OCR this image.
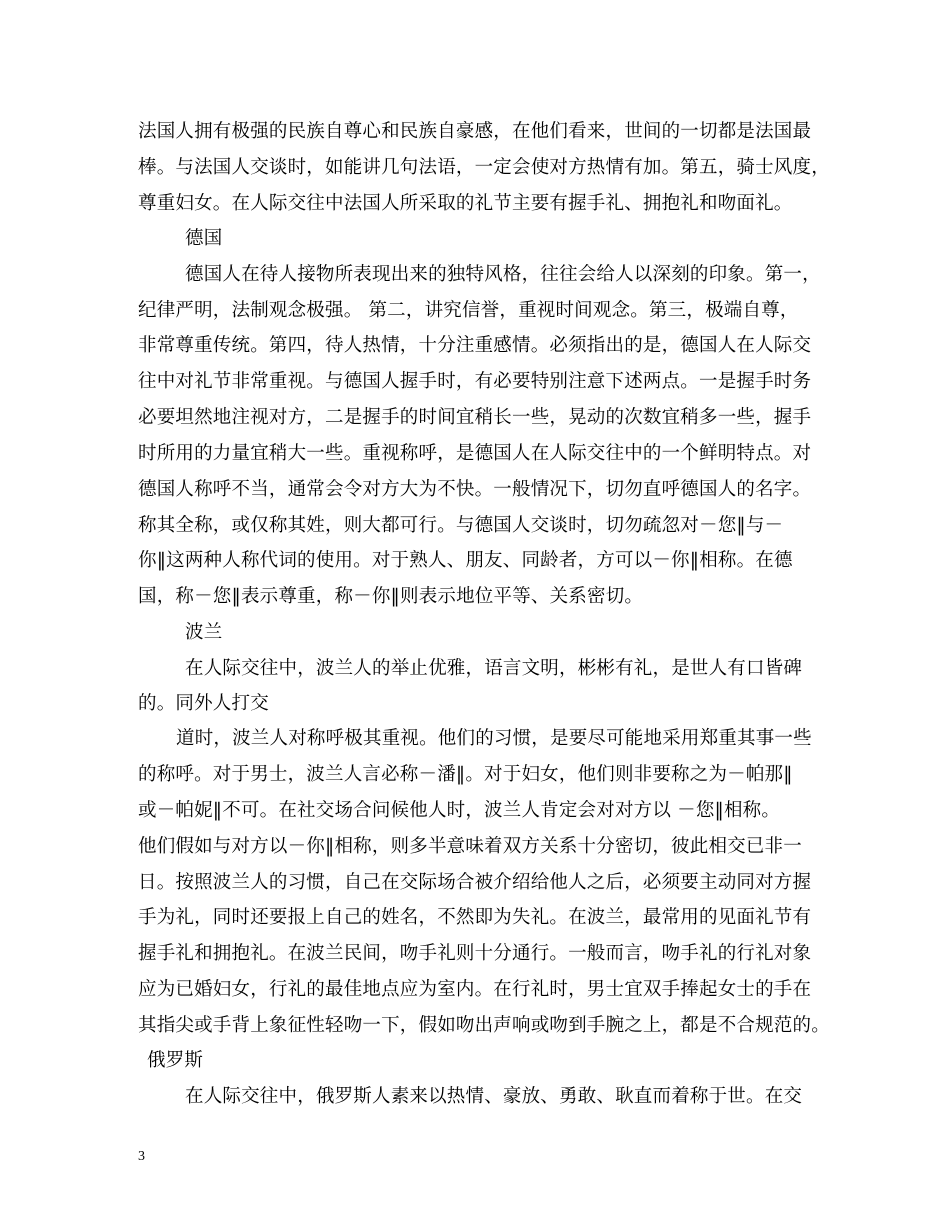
法国人拥有极强的民族自尊心和民族自豪感，在他们看来，世间的一切都是法国最
棒。与法国人交谈时，如能讲几句法语，一定会使对方热情有加。第五，骑士风度，
尊重妇女。在人际交往中法国人所采取的礼节主要有握手礼、拥抱礼和吻面礼。
德国
德国人在待人接物所表现出来的独特风格，往往会给人以深刻的印象。第一，
纪律严明，法制观念极强。 第二，讲究信誉，重视时间观念。第三，极端自尊，
非常尊重传统。第四，待人热情，十分注重感情。必须指出的是，德国人在人际交
往中对礼节非常重视。与德国人握手时，有必要特别注意下述两点。一是握手时务
必要坦然地注视对方，二是握手的时间宜稍长一些，晃动的次数宜稍多一些，握手
时所用的力量宜稍大一些。重视称呼，是德国人在人际交往中的一个鲜明特点。对
德国人称呼不当，通常会令对方大为不快。一般情况下，切勿直呼德国人的名字。
称其全称，或仅称其姓，则大都可行。与德国人交谈时，切勿疏忽对－您‖与－
你‖这两种人称代词的使用。对于熟人、朋友、同龄者，方可以－你‖相称。在德
国，称－您‖表示尊重，称－你‖则表示地位平等、关系密切。
波兰
在人际交往中，波兰人的举止优雅，语言文明，彬彬有礼，是世人有口皆碑
的。同外人打交
道时，波兰人对称呼极其重视。他们的习惯，是要尽可能地采用郑重其事一些
的称呼。对于男士，波兰人言必称－潘‖。对于妇女，他们则非要称之为－帕那‖
或－帕妮‖不可。在社交场合问候他人时，波兰人肯定会对对方以 －您‖相称。
他们假如与对方以－你‖相称，则多半意味着双方关系十分密切，彼此相交已非一
日。按照波兰人的习惯，自己在交际场合被介绍给他人之后，必须要主动同对方握
手为礼，同时还要报上自己的姓名，不然即为失礼。在波兰，最常用的见面礼节有
握手礼和拥抱礼。在波兰民间，吻手礼则十分通行。一般而言，吻手礼的行礼对象
应为已婚妇女，行礼的最佳地点应为室内。在行礼时，男士宜双手捧起女士的手在
其指尖或手背上象征性轻吻一下，假如吻出声响或吻到手腕之上，都是不合规范的。
俄罗斯
在人际交往中，俄罗斯人素来以热情、豪放、勇敢、耿直而着称于世。在交
3
